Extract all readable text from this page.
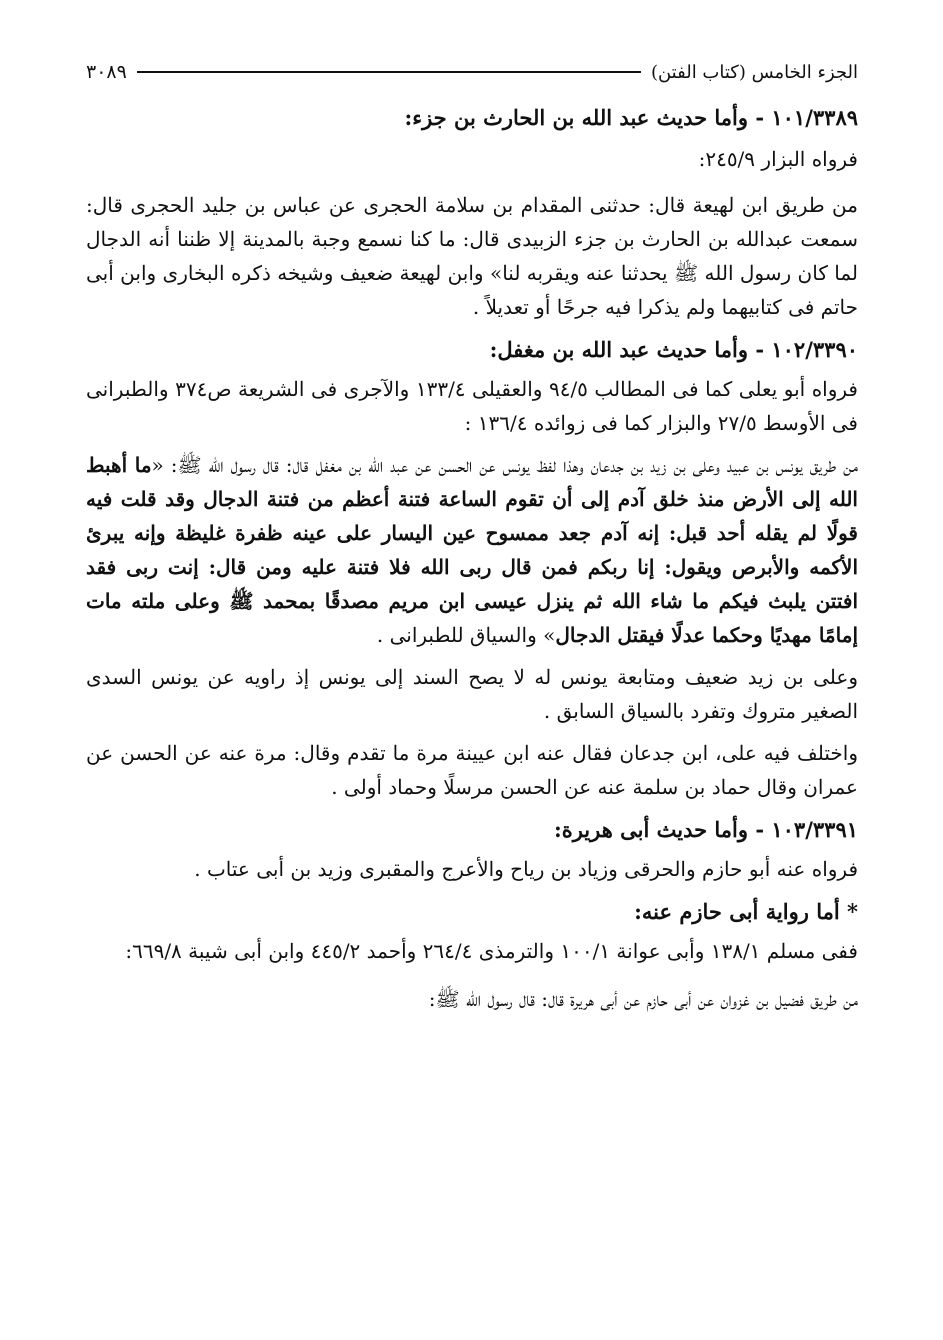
الجزء الخامس (كتاب الفتن)
٣٠٨٩
١٠١/٣٣٨٩ - وأما حديث عبد الله بن الحارث بن جزء:
فرواه البزار ٢٤٥/٩:
من طريق ابن لهيعة قال: حدثنى المقدام بن سلامة الحجرى عن عباس بن جليد الحجرى قال: سمعت عبدالله بن الحارث بن جزء الزبيدى قال: ما كنا نسمع وجبة بالمدينة إلا ظننا أنه الدجال لما كان رسول الله ﷺ يحدثنا عنه ويقربه لنا» وابن لهيعة ضعيف وشيخه ذكره البخارى وابن أبى حاتم فى كتابيهما ولم يذكرا فيه جرحًا أو تعديلاً .
١٠٢/٣٣٩٠ - وأما حديث عبد الله بن مغفل:
فرواه أبو يعلى كما فى المطالب ٩٤/٥ والعقيلى ١٣٣/٤ والآجرى فى الشريعة ص٣٧٤ والطبرانى فى الأوسط ٢٧/٥ والبزار كما فى زوائده ١٣٦/٤ :
من طريق يونس بن عبيد وعلى بن زيد بن جدعان وهذا لفظ يونس عن الحسن عن عبد الله بن مغفل قال: قال رسول الله ﷺ: «ما أهبط الله إلى الأرض منذ خلق آدم إلى أن تقوم الساعة فتنة أعظم من فتنة الدجال وقد قلت فيه قولًا لم يقله أحد قبل: إنه آدم جعد ممسوح عين اليسار على عينه ظفرة غليظة وإنه يبرئ الأكمه والأبرص ويقول: إنا ربكم فمن قال ربى الله فلا فتنة عليه ومن قال: إنت ربى فقد افتتن يلبث فيكم ما شاء الله ثم ينزل عيسى ابن مريم مصدقًا بمحمد ﷺ وعلى ملته مات إمامًا مهديًا وحكما عدلًا فيقتل الدجال» والسياق للطبرانى .
وعلى بن زيد ضعيف ومتابعة يونس له لا يصح السند إلى يونس إذ راويه عن يونس السدى الصغير متروك وتفرد بالسياق السابق .
واختلف فيه على، ابن جدعان فقال عنه ابن عيينة مرة ما تقدم وقال: مرة عنه عن الحسن عن عمران وقال حماد بن سلمة عنه عن الحسن مرسلًا وحماد أولى .
١٠٣/٣٣٩١ - وأما حديث أبى هريرة:
فرواه عنه أبو حازم والحرقى وزياد بن رياح والأعرج والمقبرى وزيد بن أبى عتاب .
* أما رواية أبى حازم عنه:
ففى مسلم ١٣٨/١ وأبى عوانة ١٠٠/١ والترمذى ٢٦٤/٤ وأحمد ٤٤٥/٢ وابن أبى شيبة ٦٦٩/٨:
من طريق فضيل بن غزوان عن أبى حازم عن أبى هريرة قال: قال رسول الله ﷺ:
